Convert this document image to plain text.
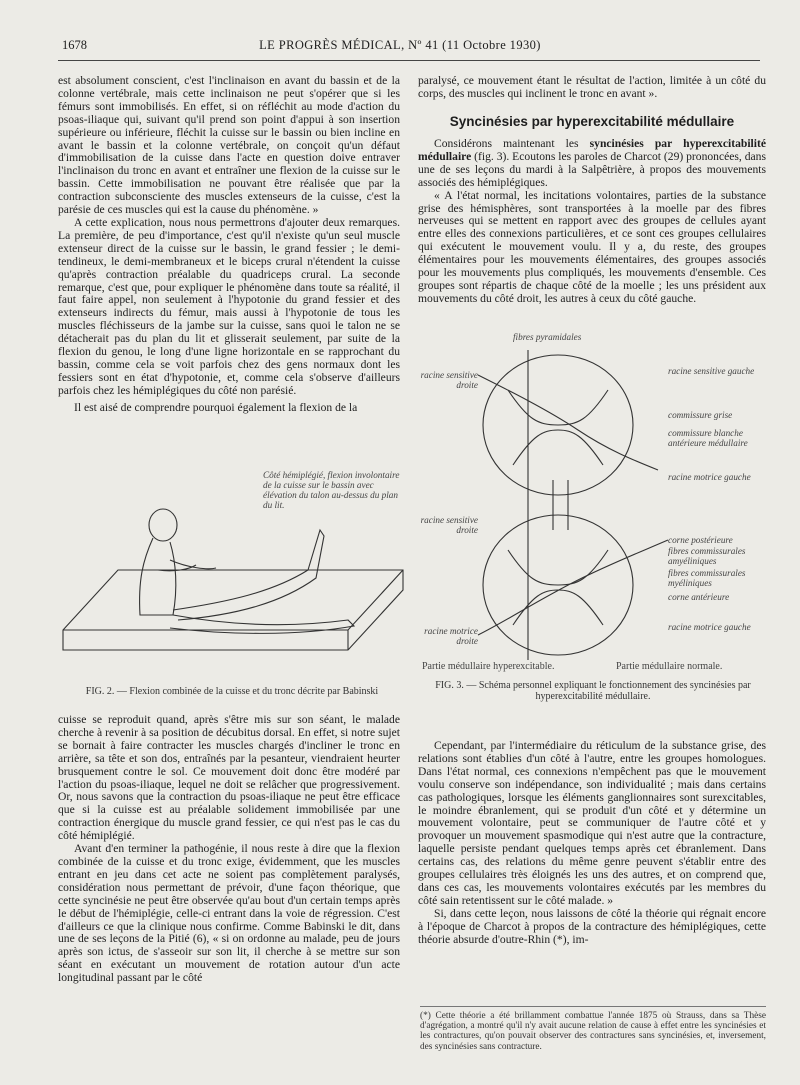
1678	LE PROGRÈS MÉDICAL, Nº 41 (11 Octobre 1930)

est absolument conscient, c'est l'inclinaison en avant du bassin et de la colonne vertébrale, mais cette inclinaison ne peut s'opérer que si les fémurs sont immobilisés. En effet, si on réfléchit au mode d'action du psoas-iliaque qui, suivant qu'il prend son point d'appui à son insertion supérieure ou inférieure, fléchit la cuisse sur le bassin ou bien incline en avant le bassin et la colonne vertébrale, on conçoit qu'un défaut d'immobilisation de la cuisse dans l'acte en question doive entraver l'inclinaison du tronc en avant et entraîner une flexion de la cuisse sur le bassin. Cette immobilisation ne pouvant être réalisée que par la contraction subconsciente des muscles extenseurs de la cuisse, c'est la parésie de ces muscles qui est la cause du phénomène. »

A cette explication, nous nous permettrons d'ajouter deux remarques. La première, de peu d'importance, c'est qu'il n'existe qu'un seul muscle extenseur direct de la cuisse sur le bassin, le grand fessier ; le demi-tendineux, le demi-membraneux et le biceps crural n'étendent la cuisse qu'après contraction préalable du quadriceps crural. La seconde remarque, c'est que, pour expliquer le phénomène dans toute sa réalité, il faut faire appel, non seulement à l'hypotonie du grand fessier et des extenseurs indirects du fémur, mais aussi à l'hypotonie de tous les muscles fléchisseurs de la jambe sur la cuisse, sans quoi le talon ne se détacherait pas du plan du lit et glisserait seulement, par suite de la flexion du genou, le long d'une ligne horizontale en se rapprochant du bassin, comme cela se voit parfois chez des gens normaux dont les fessiers sont en état d'hypotonie, et, comme cela s'observe d'ailleurs parfois chez les hémiplégiques du côté non parésié.

Il est aisé de comprendre pourquoi également la flexion de la

Côté hémiplégié, flexion involontaire de la cuisse sur le bassin avec élévation du talon au-dessus du plan du lit.
FIG. 2. — Flexion combinée de la cuisse et du tronc décrite par Babinski

cuisse se reproduit quand, après s'être mis sur son séant, le malade cherche à revenir à sa position de décubitus dorsal. En effet, si notre sujet se bornait à faire contracter les muscles chargés d'incliner le tronc en arrière, sa tête et son dos, entraînés par la pesanteur, viendraient heurter brusquement contre le sol. Ce mouvement doit donc être modéré par l'action du psoas-iliaque, lequel ne doit se relâcher que progressivement. Or, nous savons que la contraction du psoas-iliaque ne peut être efficace que si la cuisse est au préalable solidement immobilisée par une contraction énergique du muscle grand fessier, ce qui n'est pas le cas du côté hémiplégié.

Avant d'en terminer la pathogénie, il nous reste à dire que la flexion combinée de la cuisse et du tronc exige, évidemment, que les muscles entrant en jeu dans cet acte ne soient pas complètement paralysés, considération nous permettant de prévoir, d'une façon théorique, que cette syncinésie ne peut être observée qu'au bout d'un certain temps après le début de l'hémiplégie, celle-ci entrant dans la voie de régression. C'est d'ailleurs ce que la clinique nous confirme. Comme Babinski le dit, dans une de ses leçons de la Pitié (6), « si on ordonne au malade, peu de jours après son ictus, de s'asseoir sur son lit, il cherche à se mettre sur son séant en exécutant un mouvement de rotation autour d'un acte longitudinal passant par le côté

paralysé, ce mouvement étant le résultat de l'action, limitée à un côté du corps, des muscles qui inclinent le tronc en avant ».

Syncinésies par hyperexcitabilité médullaire

Considérons maintenant les syncinésies par hyperexcitabilité médullaire (fig. 3). Ecoutons les paroles de Charcot (29) prononcées, dans une de ses leçons du mardi à la Salpêtrière, à propos des mouvements associés des hémiplégiques.

« A l'état normal, les incitations volontaires, parties de la substance grise des hémisphères, sont transportées à la moelle par des fibres nerveuses qui se mettent en rapport avec des groupes de cellules ayant entre elles des connexions particulières, et ce sont ces groupes cellulaires qui exécutent le mouvement voulu. Il y a, du reste, des groupes élémentaires pour les mouvements élémentaires, des groupes associés pour les mouvements plus compliqués, les mouvements d'ensemble. Ces groupes sont répartis de chaque côté de la moelle ; les uns président aux mouvements du côté droit, les autres à ceux du côté gauche.

fibres pyramidales
racine sensitive droite
racine sensitive gauche
commissure grise
commissure blanche antérieure médullaire
racine motrice gauche
racine sensitive droite
corne postérieure
fibres commissurales amyéliniques
fibres commissurales myéliniques
corne antérieure
racine motrice gauche
racine motrice droite
Partie médullaire hyperexcitable.	Partie médullaire normale.
FIG. 3. — Schéma personnel expliquant le fonctionnement des syncinésies par hyperexcitabilité médullaire.

Cependant, par l'intermédiaire du réticulum de la substance grise, des relations sont établies d'un côté à l'autre, entre les groupes homologues. Dans l'état normal, ces connexions n'empêchent pas que le mouvement voulu conserve son indépendance, son individualité ; mais dans certains cas pathologiques, lorsque les éléments ganglionnaires sont surexcitables, le moindre ébranlement, qui se produit d'un côté et y détermine un mouvement volontaire, peut se communiquer de l'autre côté et y provoquer un mouvement spasmodique qui n'est autre que la contracture, laquelle persiste pendant quelques temps après cet ébranlement. Dans certains cas, des relations du même genre peuvent s'établir entre des groupes cellulaires très éloignés les uns des autres, et on comprend que, dans ces cas, les mouvements volontaires exécutés par les membres du côté sain retentissent sur le côté malade. »

Si, dans cette leçon, nous laissons de côté la théorie qui régnait encore à l'époque de Charcot à propos de la contracture des hémiplégiques, cette théorie absurde d'outre-Rhin (*), im-

(*) Cette théorie a été brillamment combattue l'année 1875 où Strauss, dans sa Thèse d'agrégation, a montré qu'il n'y avait aucune relation de cause à effet entre les syncinésies et les contractures, qu'on pouvait observer des contractures sans syncinésies, et, inversement, des syncinésies sans contracture.
